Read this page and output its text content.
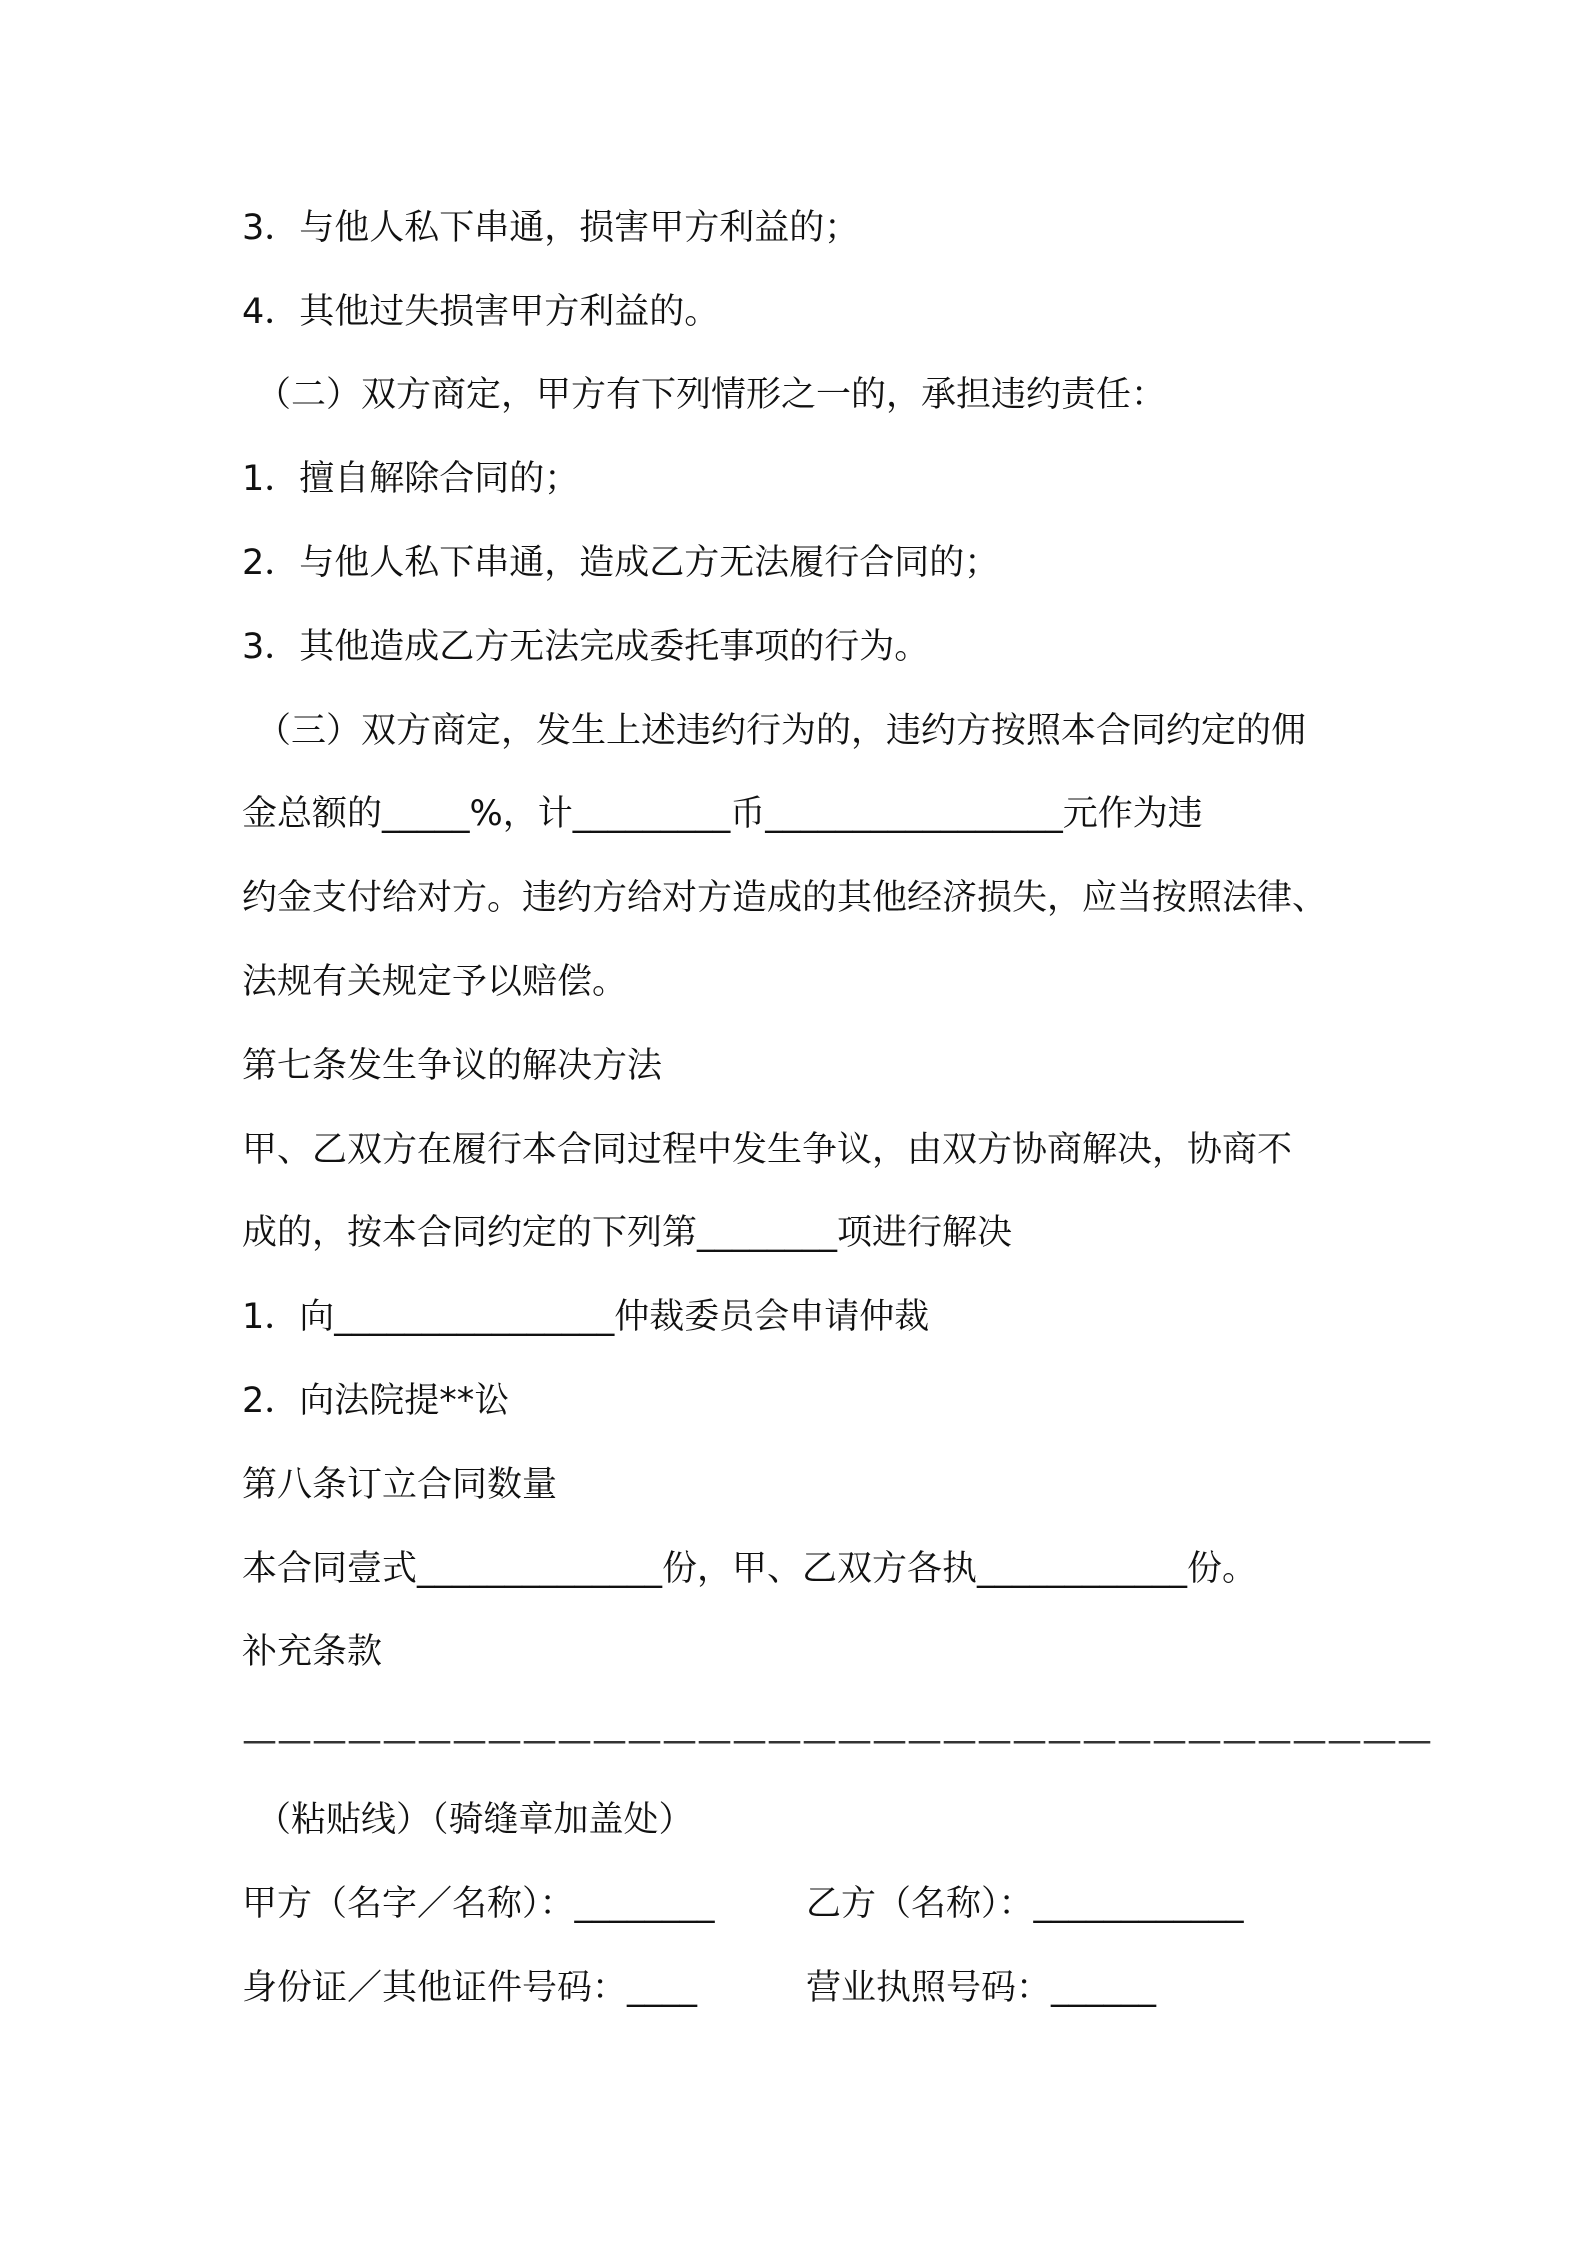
3．与他人私下串通，损害甲方利益的；
4．其他过失损害甲方利益的。
（二）双方商定，甲方有下列情形之一的，承担违约责任：
1．擅自解除合同的；
2．与他人私下串通，造成乙方无法履行合同的；
3．其他造成乙方无法完成委托事项的行为。
（三）双方商定，发生上述违约行为的，违约方按照本合同约定的佣
金总额的_____%，计_________币_________________元作为违
约金支付给对方。违约方给对方造成的其他经济损失，应当按照法律、
法规有关规定予以赔偿。
第七条发生争议的解决方法
甲、乙双方在履行本合同过程中发生争议，由双方协商解决，协商不
成的，按本合同约定的下列第________项进行解决
1．向________________仲裁委员会申请仲裁
2．向法院提**讼
第八条订立合同数量
本合同壹式______________份，甲、乙双方各执____________份。
补充条款
——————————————————————————————————
（粘贴线）（骑缝章加盖处）
甲方（名字／名称）：________	乙方（名称）：____________
身份证／其他证件号码：____	营业执照号码：______
